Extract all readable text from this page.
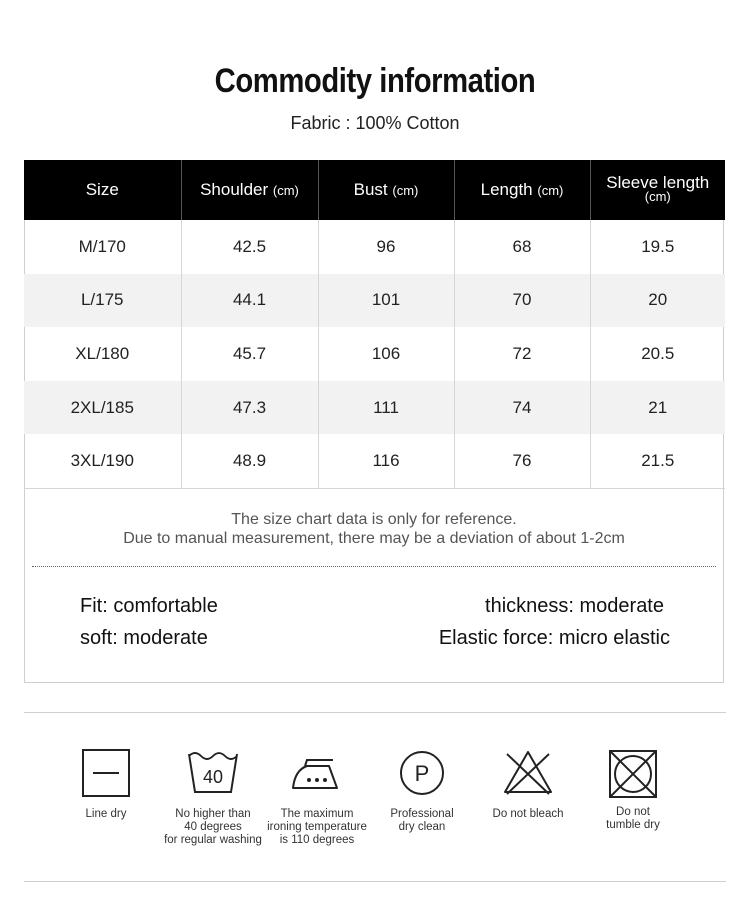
Commodity information
Fabric : 100% Cotton
Size	Shoulder (cm)	Bust (cm)	Length (cm)	Sleeve length
(cm)

M/170	42.5	96	68	19.5
L/175	44.1	101	70	20
XL/180	45.7	106	72	20.5
2XL/185	47.3	111	74	21
3XL/190	48.9	116	76	21.5
The size chart data is only for reference.
Due to manual measurement, there may be a deviation of about 1-2cm
Fit: comfortable	thickness: moderate
soft: moderate	Elastic force: micro elastic
Line dry
40
No higher than
40 degrees
for regular washing
The maximum
ironing temperature
is 110 degrees
P
Professional
dry clean
Do not bleach	Do not
tumble dry
